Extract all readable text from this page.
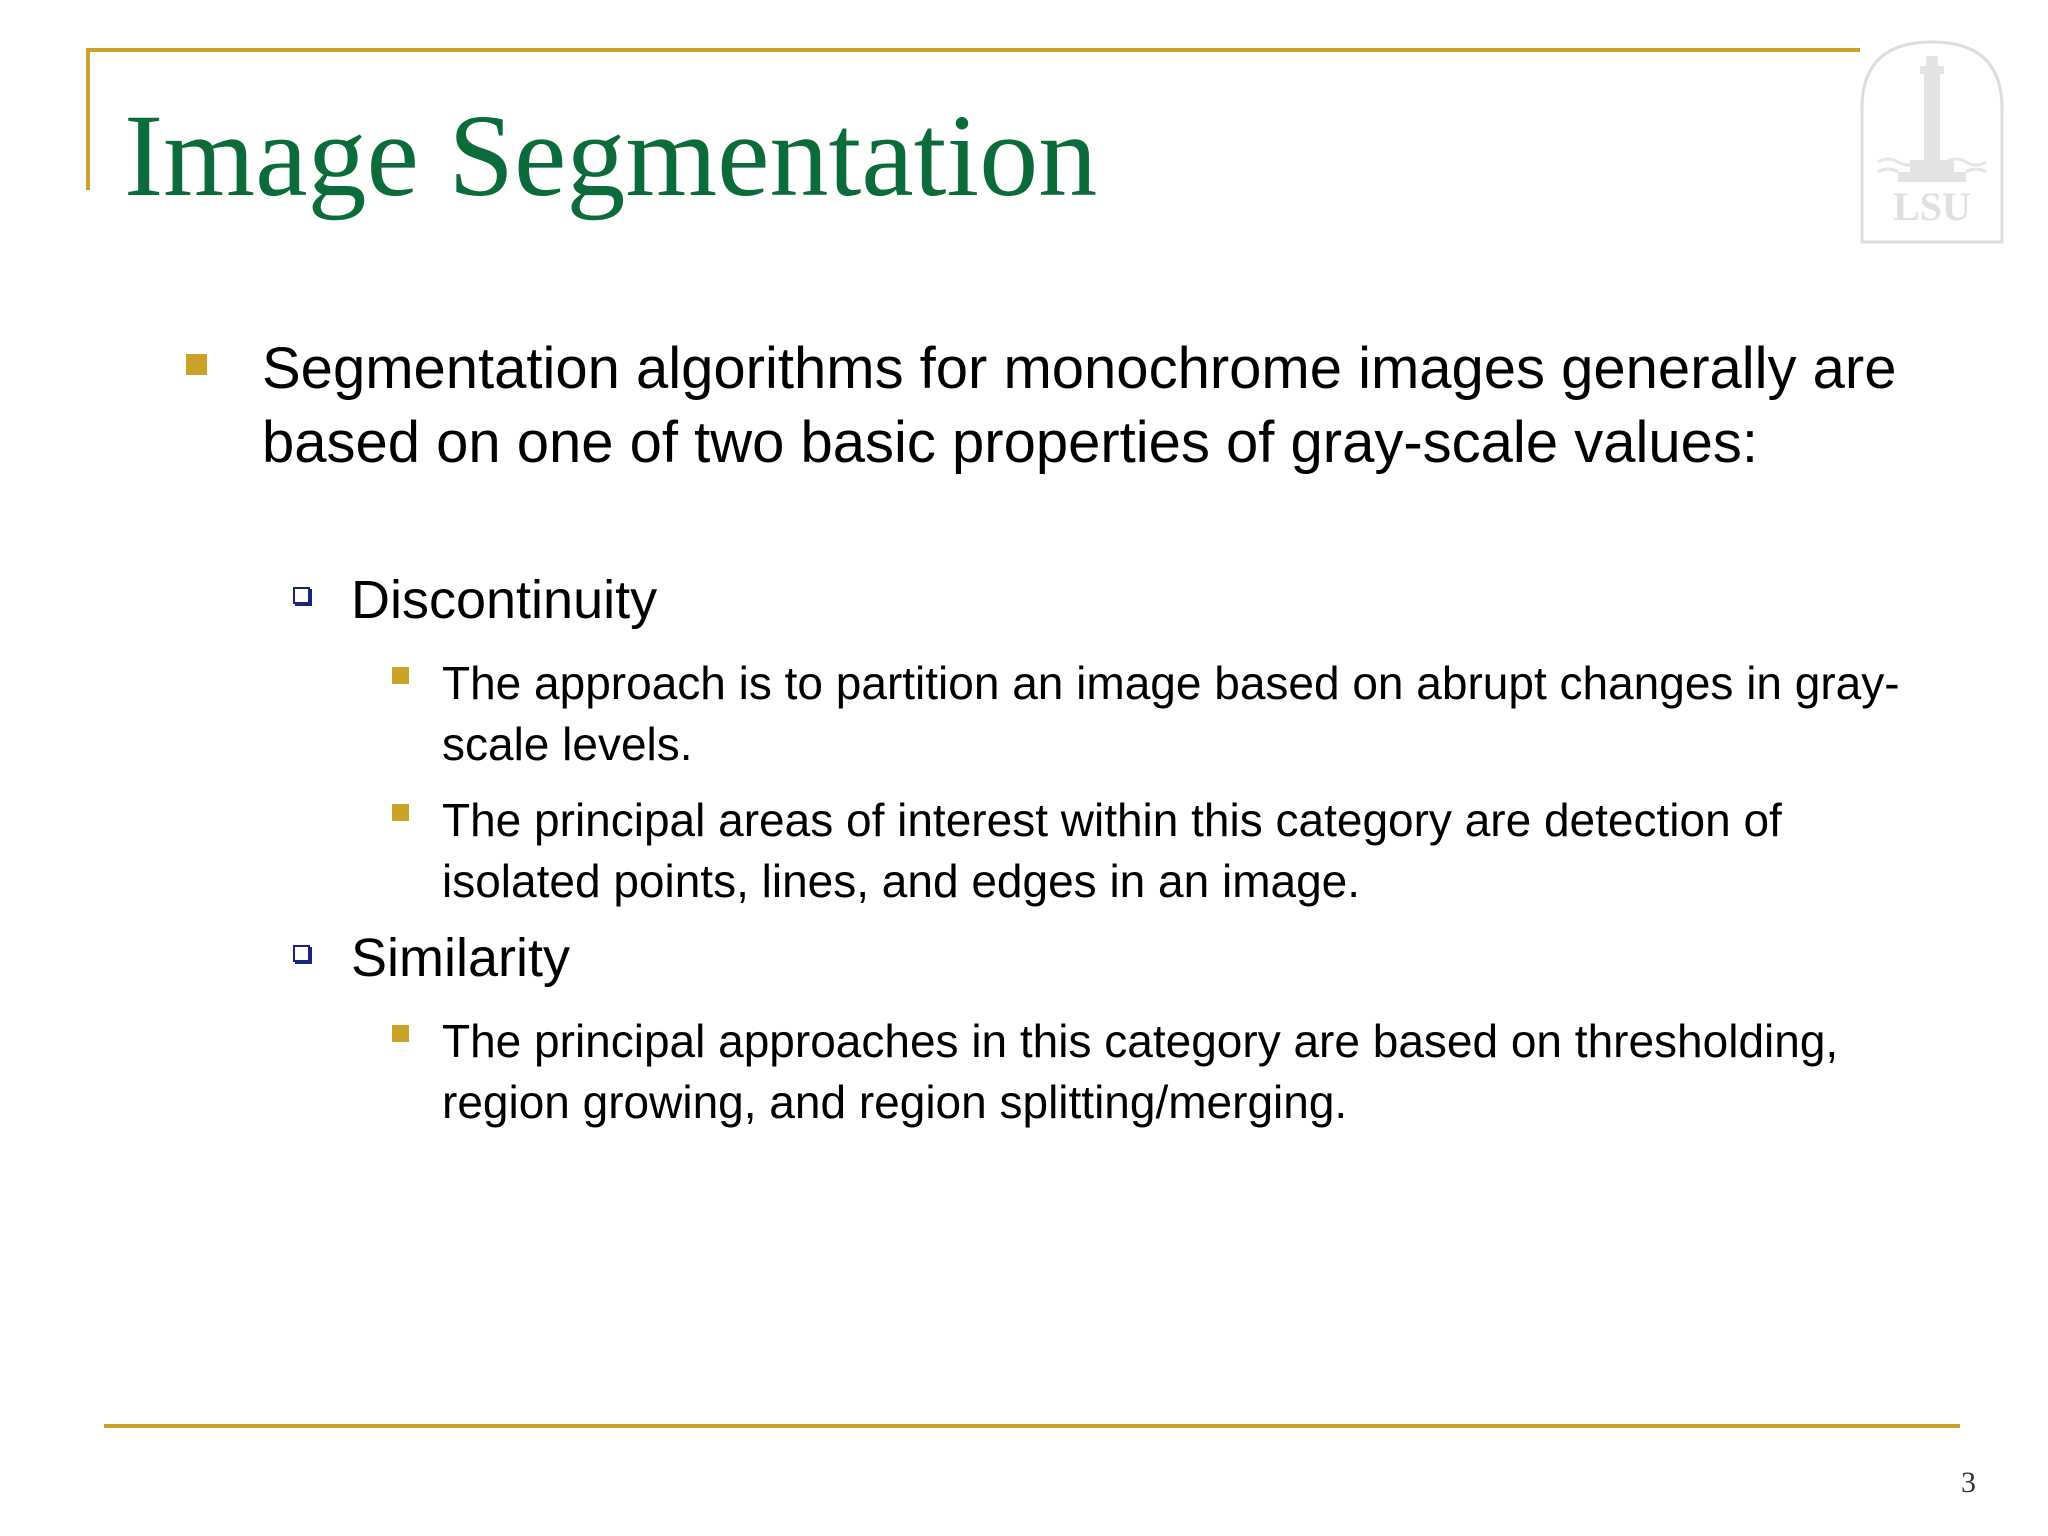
Image Segmentation	LSU
Segmentation algorithms for monochrome images generally are based on one of two basic properties of gray-scale values:
Discontinuity
The approach is to partition an image based on abrupt changes in gray-scale levels.
The principal areas of interest within this category are detection of isolated points, lines, and edges in an image.
Similarity
The principal approaches in this category are based on thresholding, region growing, and region splitting/merging.
3
